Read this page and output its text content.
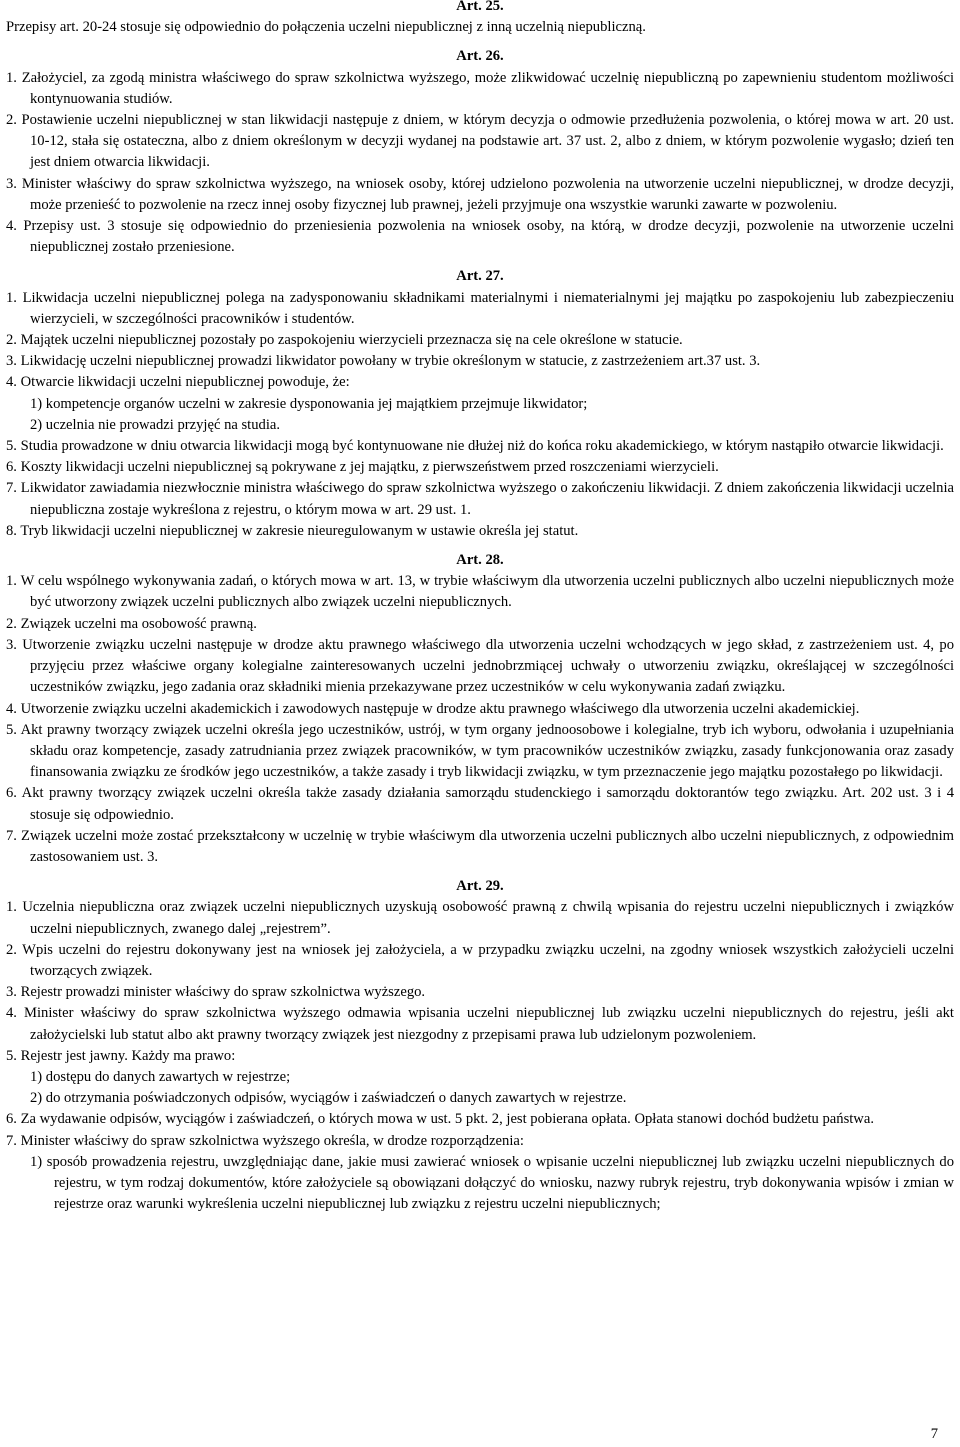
Art. 25.
Przepisy art. 20-24 stosuje się odpowiednio do połączenia uczelni niepublicznej z inną uczelnią niepubliczną.
Art. 26.
1. Założyciel, za zgodą ministra właściwego do spraw szkolnictwa wyższego, może zlikwidować uczelnię niepubliczną po zapewnieniu studentom możliwości kontynuowania studiów.
2. Postawienie uczelni niepublicznej w stan likwidacji następuje z dniem, w którym decyzja o odmowie przedłużenia pozwolenia, o której mowa w art. 20 ust. 10-12, stała się ostateczna, albo z dniem określonym w decyzji wydanej na podstawie art. 37 ust. 2, albo z dniem, w którym pozwolenie wygasło; dzień ten jest dniem otwarcia likwidacji.
3. Minister właściwy do spraw szkolnictwa wyższego, na wniosek osoby, której udzielono pozwolenia na utworzenie uczelni niepublicznej, w drodze decyzji, może przenieść to pozwolenie na rzecz innej osoby fizycznej lub prawnej, jeżeli przyjmuje ona wszystkie warunki zawarte w pozwoleniu.
4. Przepisy ust. 3 stosuje się odpowiednio do przeniesienia pozwolenia na wniosek osoby, na którą, w drodze decyzji, pozwolenie na utworzenie uczelni niepublicznej zostało przeniesione.
Art. 27.
1. Likwidacja uczelni niepublicznej polega na zadysponowaniu składnikami materialnymi i niematerialnymi jej majątku po zaspokojeniu lub zabezpieczeniu wierzycieli, w szczególności pracowników i studentów.
2. Majątek uczelni niepublicznej pozostały po zaspokojeniu wierzycieli przeznacza się na cele określone w statucie.
3. Likwidację uczelni niepublicznej prowadzi likwidator powołany w trybie określonym w statucie, z zastrzeżeniem art.37 ust. 3.
4. Otwarcie likwidacji uczelni niepublicznej powoduje, że:
1) kompetencje organów uczelni w zakresie dysponowania jej majątkiem przejmuje likwidator;
2) uczelnia nie prowadzi przyjęć na studia.
5. Studia prowadzone w dniu otwarcia likwidacji mogą być kontynuowane nie dłużej niż do końca roku akademickiego, w którym nastąpiło otwarcie likwidacji.
6. Koszty likwidacji uczelni niepublicznej są pokrywane z jej majątku, z pierwszeństwem przed roszczeniami wierzycieli.
7. Likwidator zawiadamia niezwłocznie ministra właściwego do spraw szkolnictwa wyższego o zakończeniu likwidacji. Z dniem zakończenia likwidacji uczelnia niepubliczna zostaje wykreślona z rejestru, o którym mowa w art. 29 ust. 1.
8. Tryb likwidacji uczelni niepublicznej w zakresie nieuregulowanym w ustawie określa jej statut.
Art. 28.
1. W celu wspólnego wykonywania zadań, o których mowa w art. 13, w trybie właściwym dla utworzenia uczelni publicznych albo uczelni niepublicznych może być utworzony związek uczelni publicznych albo związek uczelni niepublicznych.
2. Związek uczelni ma osobowość prawną.
3. Utworzenie związku uczelni następuje w drodze aktu prawnego właściwego dla utworzenia uczelni wchodzących w jego skład, z zastrzeżeniem ust. 4, po przyjęciu przez właściwe organy kolegialne zainteresowanych uczelni jednobrzmiącej uchwały o utworzeniu związku, określającej w szczególności uczestników związku, jego zadania oraz składniki mienia przekazywane przez uczestników w celu wykonywania zadań związku.
4. Utworzenie związku uczelni akademickich i zawodowych następuje w drodze aktu prawnego właściwego dla utworzenia uczelni akademickiej.
5. Akt prawny tworzący związek uczelni określa jego uczestników, ustrój, w tym organy jednoosobowe i kolegialne, tryb ich wyboru, odwołania i uzupełniania składu oraz kompetencje, zasady zatrudniania przez związek pracowników, w tym pracowników uczestników związku, zasady funkcjonowania oraz zasady finansowania związku ze środków jego uczestników, a także zasady i tryb likwidacji związku, w tym przeznaczenie jego majątku pozostałego po likwidacji.
6. Akt prawny tworzący związek uczelni określa także zasady działania samorządu studenckiego i samorządu doktorantów tego związku. Art. 202 ust. 3 i 4 stosuje się odpowiednio.
7. Związek uczelni może zostać przekształcony w uczelnię w trybie właściwym dla utworzenia uczelni publicznych albo uczelni niepublicznych, z odpowiednim zastosowaniem ust. 3.
Art. 29.
1. Uczelnia niepubliczna oraz związek uczelni niepublicznych uzyskują osobowość prawną z chwilą wpisania do rejestru uczelni niepublicznych i związków uczelni niepublicznych, zwanego dalej „rejestrem”.
2. Wpis uczelni do rejestru dokonywany jest na wniosek jej założyciela, a w przypadku związku uczelni, na zgodny wniosek wszystkich założycieli uczelni tworzących związek.
3. Rejestr prowadzi minister właściwy do spraw szkolnictwa wyższego.
4. Minister właściwy do spraw szkolnictwa wyższego odmawia wpisania uczelni niepublicznej lub związku uczelni niepublicznych do rejestru, jeśli akt założycielski lub statut albo akt prawny tworzący związek jest niezgodny z przepisami prawa lub udzielonym pozwoleniem.
5. Rejestr jest jawny. Każdy ma prawo:
1) dostępu do danych zawartych w rejestrze;
2) do otrzymania poświadczonych odpisów, wyciągów i zaświadczeń o danych zawartych w rejestrze.
6. Za wydawanie odpisów, wyciągów i zaświadczeń, o których mowa w ust. 5 pkt. 2, jest pobierana opłata. Opłata stanowi dochód budżetu państwa.
7. Minister właściwy do spraw szkolnictwa wyższego określa, w drodze rozporządzenia:
1) sposób prowadzenia rejestru, uwzględniając dane, jakie musi zawierać wniosek o wpisanie uczelni niepublicznej lub związku uczelni niepublicznych do rejestru, w tym rodzaj dokumentów, które założyciele są obowiązani dołączyć do wniosku, nazwy rubryk rejestru, tryb dokonywania wpisów i zmian w rejestrze oraz warunki wykreślenia uczelni niepublicznej lub związku z rejestru uczelni niepublicznych;
7
